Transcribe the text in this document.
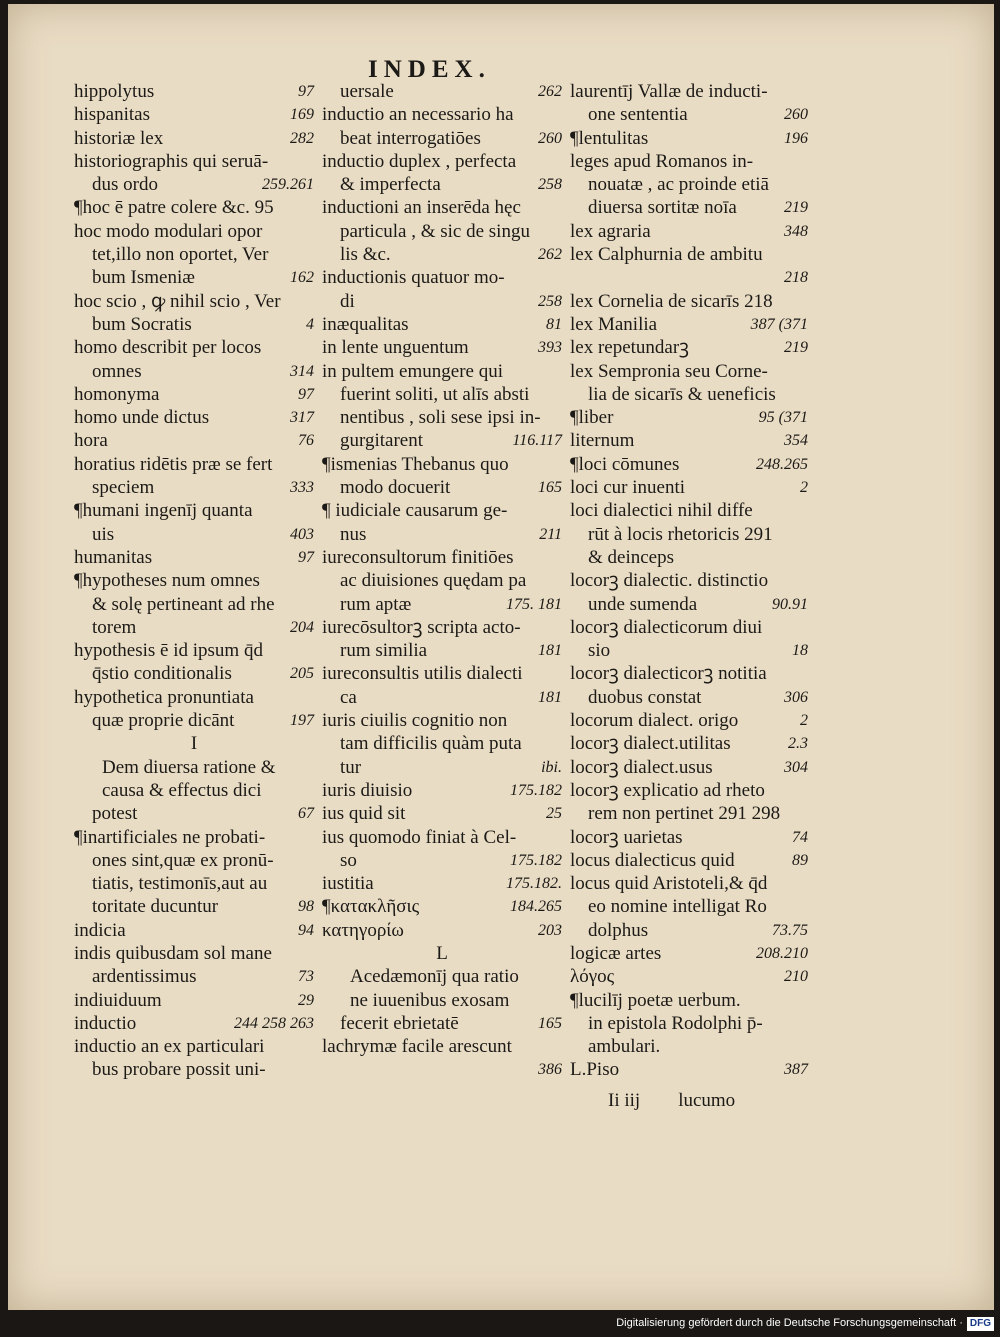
INDEX.
hippolytus	97
hispanitas	169
historiæ lex	282
historiographis qui seruā-
dus ordo	259.261
¶hoc ē patre colere &c. 95
hoc modo modulari opor
tet,illo non oportet, Ver
bum Ismeniæ	162
hoc scio , ꝙ nihil scio , Ver
bum Socratis	4
homo describit per locos
omnes	314
homonyma	97
homo unde dictus	317
hora	76
horatius ridētis præ se fert
speciem	333
¶humani ingenīj quanta
uis	403
humanitas	97
¶hypotheses num omnes
& solę pertineant ad rhe
torem	204
hypothesis ē id ipsum q̄d
q̄stio conditionalis	205
hypothetica pronuntiata
quæ proprie dicānt	197
I
Dem diuersa ratione &
causa & effectus dici
potest	67
¶inartificiales ne probati-
ones sint,quæ ex pronū-
tiatis, testimonīs,aut au
toritate ducuntur	98
indicia	94
indis quibusdam sol mane
ardentissimus	73
indiuiduum	29
inductio	244 258 263
inductio an ex particulari
bus probare possit uni-
uersale	262
inductio an necessario ha
beat interrogatiōes	260
inductio duplex , perfecta
& imperfecta	258
inductioni an inserēda hęc
particula , & sic de singu
lis &c.	262
inductionis quatuor mo-
di	258
inæqualitas	81
in lente unguentum	393
in pultem emungere qui
fuerint soliti, ut alīs absti
nentibus , soli sese ipsi in-
gurgitarent	116.117
¶ismenias Thebanus quo
modo docuerit	165
¶ iudiciale causarum ge-
nus	211
iureconsultorum finitiōes
ac diuisiones quędam pa
rum aptæ	175. 181
iurecōsultorꝫ scripta acto-
rum similia	181
iureconsultis utilis dialecti
ca	181
iuris ciuilis cognitio non
tam difficilis quàm puta
tur	ibi.
iuris diuisio	175.182
ius quid sit	25
ius quomodo finiat à Cel-
so	175.182
iustitia	175.182.
¶κατακλῆσις	184.265
κατηγορίω	203
L
Acedæmonīj qua ratio
ne iuuenibus exosam
fecerit ebrietatē	165
lachrymæ facile arescunt
386
laurentīj Vallæ de inducti-
one sententia	260
¶lentulitas	196
leges apud Romanos in-
nouatæ , ac proinde etiā
diuersa sortitæ noīa	219
lex agraria	348
lex Calphurnia de ambitu
218
lex Cornelia de sicarīs 218
lex Manilia	387 (371
lex repetundarꝫ	219
lex Sempronia seu Corne-
lia de sicarīs & ueneficis
¶liber	95 (371
liternum	354
¶loci cōmunes	248.265
loci cur inuenti	2
loci dialectici nihil diffe
rūt à locis rhetoricis 291
& deinceps
locorꝫ dialectic. distinctio
unde sumenda	90.91
locorꝫ dialecticorum diui
sio	18
locorꝫ dialecticorꝫ notitia
duobus constat	306
locorum dialect. origo	2
locorꝫ dialect.utilitas	2.3
locorꝫ dialect.usus	304
locorꝫ explicatio ad rheto
rem non pertinet 291 298
locorꝫ uarietas	74
locus dialecticus quid	89
locus quid Aristoteli,& q̄d
eo nomine intelligat Ro
dolphus	73.75
logicæ artes	208.210
λόγος	210
¶lucilīj poetæ uerbum.
in epistola Rodolphi p̄-
ambulari.
L.Piso	387
Ii iij        lucumo
Digitalisierung gefördert durch die Deutsche Forschungsgemeinschaft · DFG
